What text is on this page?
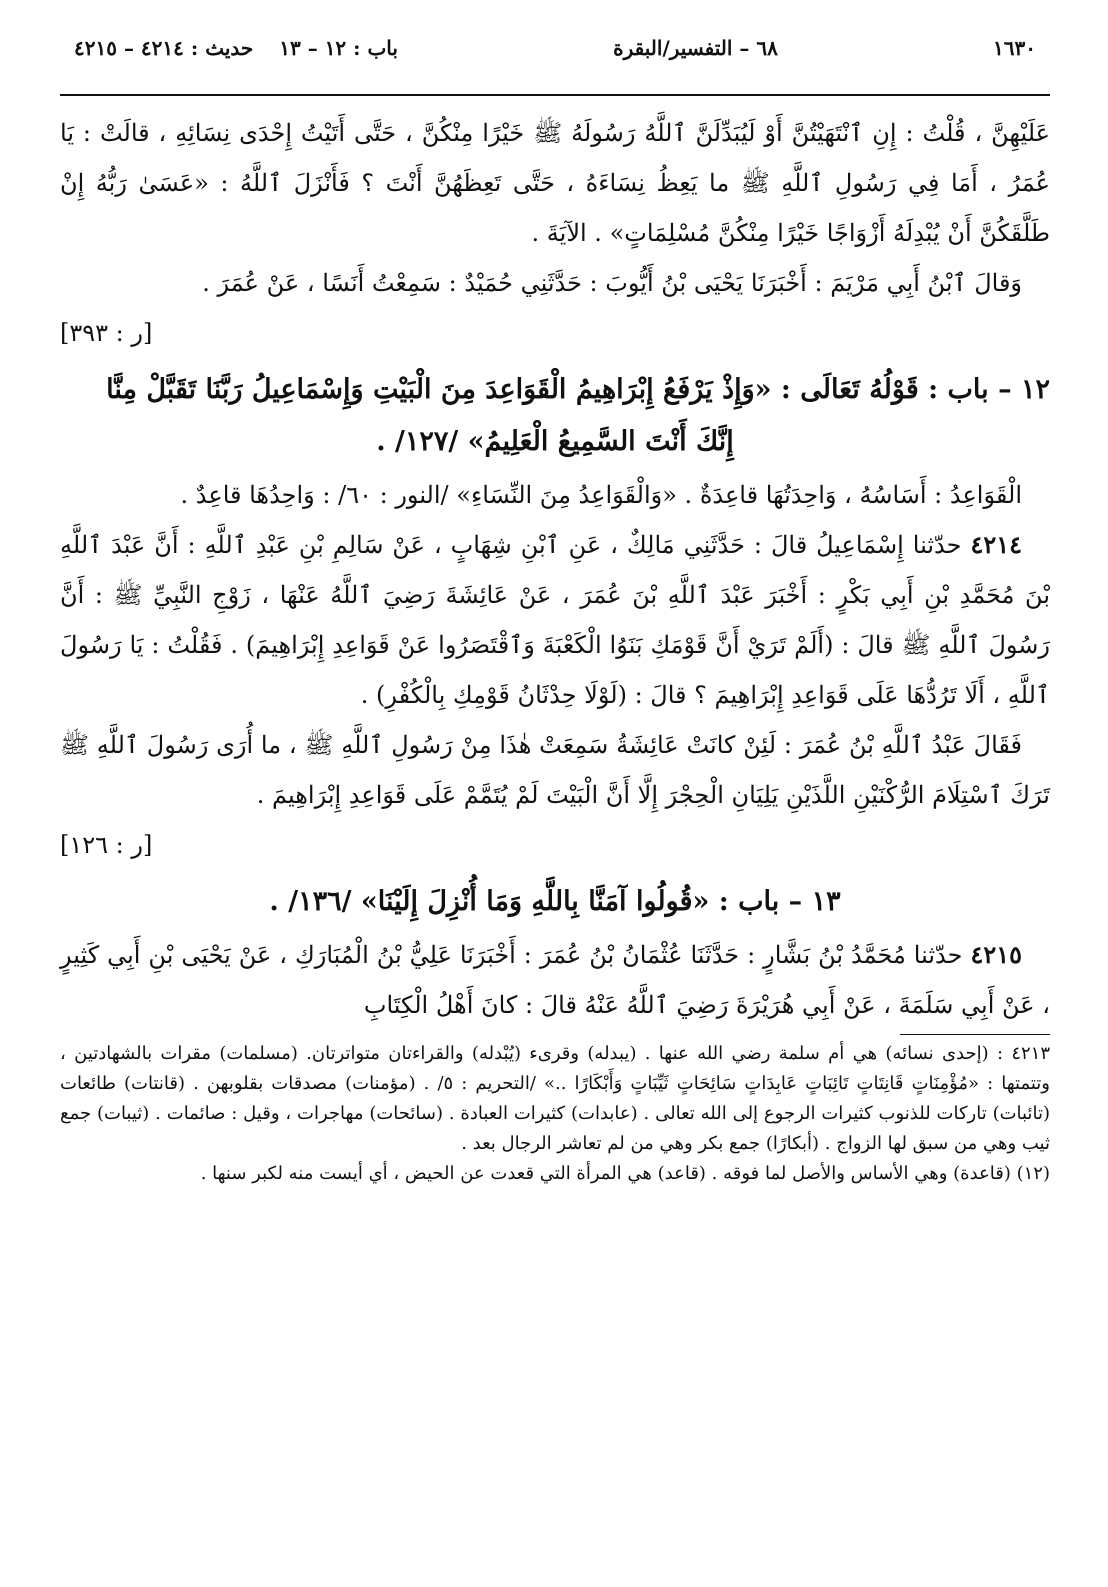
١٦٣٠
٦٨ – التفسير/البقرة
باب : ١٢ – ١٣
حديث : ٤٢١٤ – ٤٢١٥

عَلَيْهِنَّ ، قُلْتُ : إِنِ ٱنْتَهَيْتُنَّ أَوْ لَيُبَدِّلَنَّ ٱللَّهُ رَسُولَهُ ﷺ خَيْرًا مِنْكُنَّ ، حَتَّى أَتَيْتُ إِحْدَى نِسَائِهِ ، قالَتْ : يَا عُمَرُ ، أَمَا فِي رَسُولِ ٱللَّهِ ﷺ ما يَعِظُ نِسَاءَهُ ، حَتَّى تَعِظَهُنَّ أَنْتَ ؟ فَأَنْزَلَ ٱللَّهُ : «عَسَىٰ رَبُّهُ إِنْ طَلَّقَكُنَّ أَنْ يُبْدِلَهُ أَزْوَاجًا خَيْرًا مِنْكُنَّ مُسْلِمَاتٍ» . الآيَةَ .

وَقالَ ٱبْنُ أَبِي مَرْيَمَ : أَخْبَرَنَا يَحْيَى بْنُ أَيُّوبَ : حَدَّثَنِي حُمَيْدٌ : سَمِعْتُ أَنَسًا ، عَنْ عُمَرَ .

[ر : ٣٩٣]

١٢ – باب : قَوْلُهُ تَعَالَى : «وَإِذْ يَرْفَعُ إِبْرَاهِيمُ الْقَوَاعِدَ مِنَ الْبَيْتِ وَإِسْمَاعِيلُ رَبَّنَا تَقَبَّلْ مِنَّا
إِنَّكَ أَنْتَ السَّمِيعُ الْعَلِيمُ» /١٢٧/ .

الْقَوَاعِدُ : أَسَاسُهُ ، وَاحِدَتُهَا قاعِدَةٌ . «وَالْقَوَاعِدُ مِنَ النِّسَاءِ» /النور : ٦٠/ : وَاحِدُهَا قاعِدٌ .

٤٢١٤ حدّثنا إِسْمَاعِيلُ قالَ : حَدَّثَنِي مَالِكٌ ، عَنِ ٱبْنِ شِهَابٍ ، عَنْ سَالِمِ بْنِ عَبْدِ ٱللَّهِ : أَنَّ عَبْدَ ٱللَّهِ بْنَ مُحَمَّدِ بْنِ أَبِي بَكْرٍ : أَخْبَرَ عَبْدَ ٱللَّهِ بْنَ عُمَرَ ، عَنْ عَائِشَةَ رَضِيَ ٱللَّهُ عَنْهَا ، زَوْجِ النَّبِيِّ ﷺ : أَنَّ رَسُولَ ٱللَّهِ ﷺ قالَ : (أَلَمْ تَرَيْ أَنَّ قَوْمَكِ بَنَوُا الْكَعْبَةَ وَٱقْتَصَرُوا عَنْ قَوَاعِدِ إِبْرَاهِيمَ) . فَقُلْتُ : يَا رَسُولَ ٱللَّهِ ، أَلَا تَرُدُّهَا عَلَى قَوَاعِدِ إِبْرَاهِيمَ ؟ قالَ : (لَوْلَا حِدْثَانُ قَوْمِكِ بِالْكُفْرِ) .

فَقَالَ عَبْدُ ٱللَّهِ بْنُ عُمَرَ : لَئِنْ كانَتْ عَائِشَةُ سَمِعَتْ هٰذَا مِنْ رَسُولِ ٱللَّهِ ﷺ ، ما أُرَى رَسُولَ ٱللَّهِ ﷺ تَرَكَ ٱسْتِلَامَ الرُّكْنَيْنِ اللَّذَيْنِ يَلِيَانِ الْحِجْرَ إِلَّا أَنَّ الْبَيْتَ لَمْ يُتَمَّمْ عَلَى قَوَاعِدِ إِبْرَاهِيمَ .

[ر : ١٢٦]

١٣ – باب : «قُولُوا آمَنَّا بِاللَّهِ وَمَا أُنْزِلَ إِلَيْنَا» /١٣٦/ .

٤٢١٥ حدّثنا مُحَمَّدُ بْنُ بَشَّارٍ : حَدَّثَنَا عُثْمَانُ بْنُ عُمَرَ : أَخْبَرَنَا عَلِيُّ بْنُ الْمُبَارَكِ ، عَنْ يَحْيَى بْنِ أَبِي كَثِيرٍ ، عَنْ أَبِي سَلَمَةَ ، عَنْ أَبِي هُرَيْرَةَ رَضِيَ ٱللَّهُ عَنْهُ قالَ : كانَ أَهْلُ الْكِتَابِ

٤٢١٣ : (إحدى نسائه) هي أم سلمة رضي الله عنها . (يبدله) وقرىء (يُبْدله) والقراءتان متواترتان. (مسلمات) مقرات بالشهادتين ، وتتمتها : «مُؤْمِنَاتٍ قَانِتَاتٍ تَائِبَاتٍ عَابِدَاتٍ سَائِحَاتٍ ثَيِّبَاتٍ وَأَبْكَارًا ..» /التحريم : ٥/ . (مؤمنات) مصدقات بقلوبهن . (قانتات) طائعات (تائبات) تاركات للذنوب كثيرات الرجوع إلى الله تعالى . (عابدات) كثيرات العبادة . (سائحات) مهاجرات ، وقيل : صائمات . (ثيبات) جمع ثيب وهي من سبق لها الزواج . (أبكارًا) جمع بكر وهي من لم تعاشر الرجال بعد .

(١٢) (قاعدة) وهي الأساس والأصل لما فوقه . (قاعد) هي المرأة التي قعدت عن الحيض ، أي أيست منه لكبر سنها .
